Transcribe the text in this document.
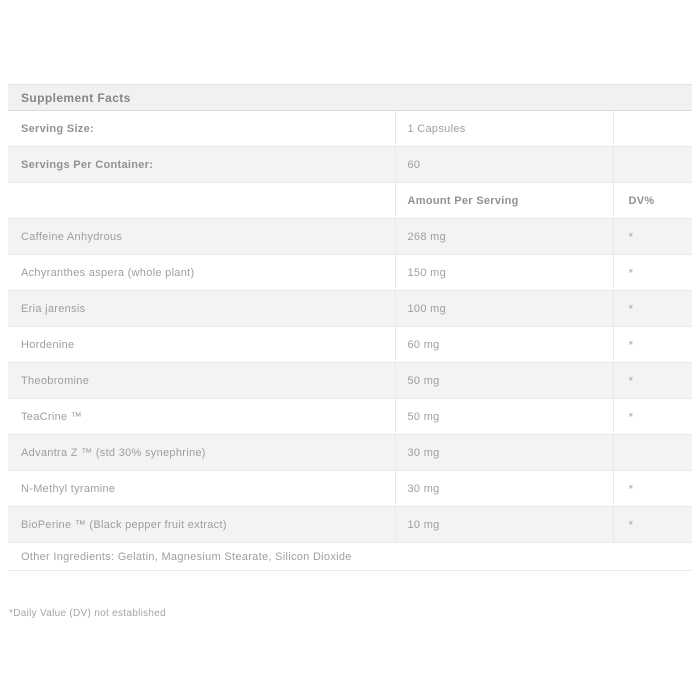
Supplement Facts		
Serving Size:	1 Capsules	
Servings Per Container:	60	
	Amount Per Serving	DV%
Caffeine Anhydrous	268 mg	*
Achyranthes aspera (whole plant)	150 mg	*
Eria jarensis	100 mg	*
Hordenine	60 mg	*
Theobromine	50 mg	*
TeaCrine ™	50 mg	*
Advantra Z ™ (std 30% synephrine)	30 mg	
N-Methyl tyramine	30 mg	*
BioPerine ™ (Black pepper fruit extract)	10 mg	*
Other Ingredients: Gelatin, Magnesium Stearate, Silicon Dioxide		
*Daily Value (DV) not established
